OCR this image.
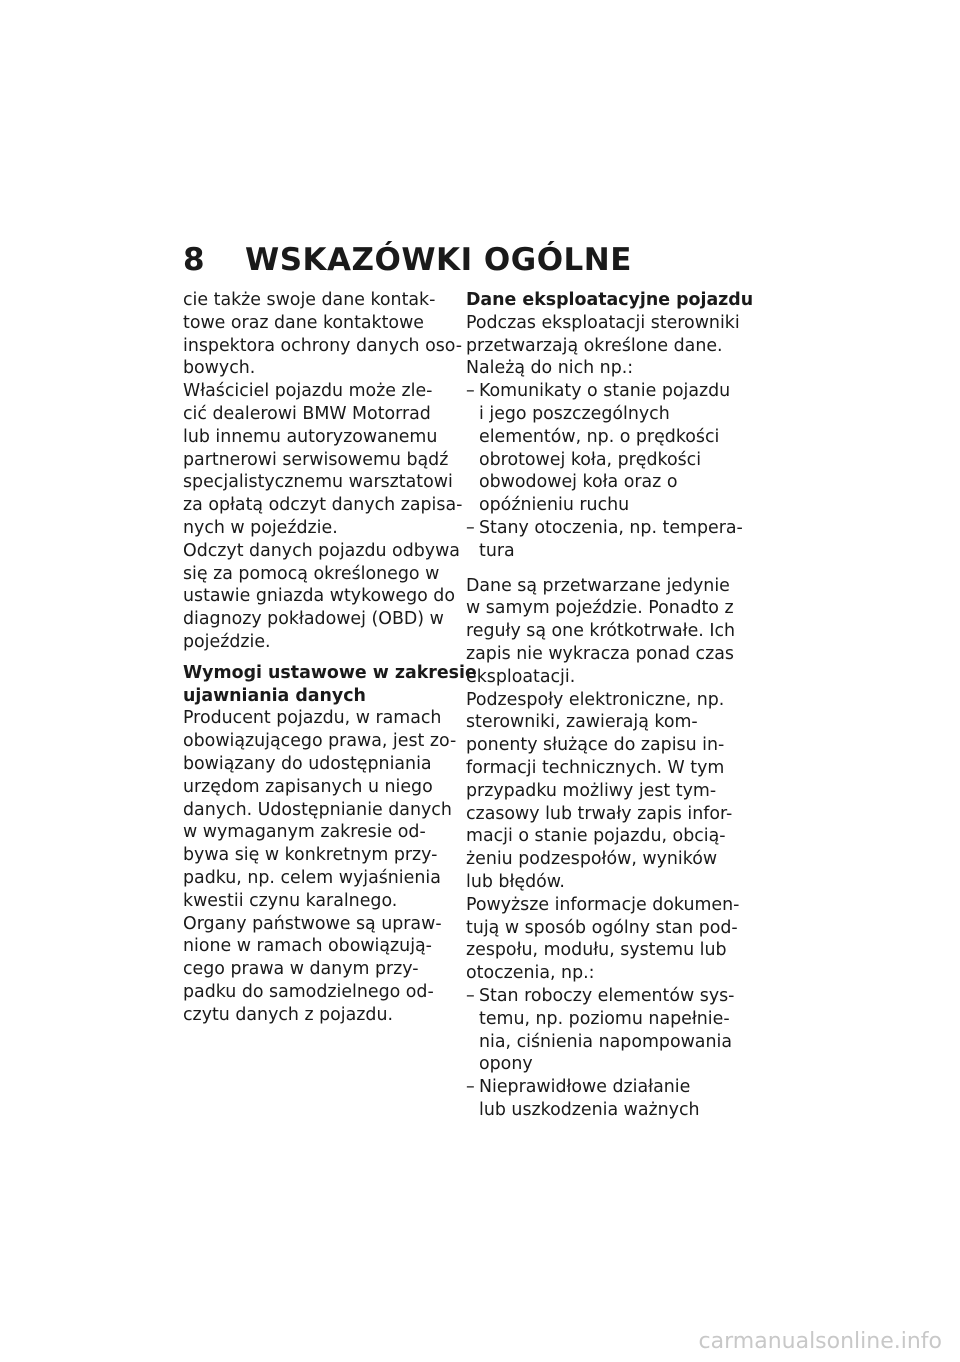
8 WSKAZÓWKI OGÓLNE
cie także swoje dane kontak-
towe oraz dane kontaktowe
inspektora ochrony danych oso-
bowych.
Właściciel pojazdu może zle-
cić dealerowi BMW Motorrad
lub innemu autoryzowanemu
partnerowi serwisowemu bądź
specjalistycznemu warsztatowi
za opłatą odczyt danych zapisa-
nych w pojeździe.
Odczyt danych pojazdu odbywa
się za pomocą określonego w
ustawie gniazda wtykowego do
diagnozy pokładowej (OBD) w
pojeździe.
Wymogi ustawowe w zakresie
ujawniania danych
Producent pojazdu, w ramach
obowiązującego prawa, jest zo-
bowiązany do udostępniania
urzędom zapisanych u niego
danych. Udostępnianie danych
w wymaganym zakresie od-
bywa się w konkretnym przy-
padku, np. celem wyjaśnienia
kwestii czynu karalnego.
Organy państwowe są upraw-
nione w ramach obowiązują-
cego prawa w danym przy-
padku do samodzielnego od-
czytu danych z pojazdu.
Dane eksploatacyjne pojazdu
Podczas eksploatacji sterowniki
przetwarzają określone dane.
Należą do nich np.:
– Komunikaty o stanie pojazdu
i jego poszczególnych
elementów, np. o prędkości
obrotowej koła, prędkości
obwodowej koła oraz o
opóźnieniu ruchu
– Stany otoczenia, np. tempera-
tura
Dane są przetwarzane jedynie
w samym pojeździe. Ponadto z
reguły są one krótkotrwałe. Ich
zapis nie wykracza ponad czas
eksploatacji.
Podzespoły elektroniczne, np.
sterowniki, zawierają kom-
ponenty służące do zapisu in-
formacji technicznych. W tym
przypadku możliwy jest tym-
czasowy lub trwały zapis infor-
macji o stanie pojazdu, obcią-
żeniu podzespołów, wyników
lub błędów.
Powyższe informacje dokumen-
tują w sposób ogólny stan pod-
zespołu, modułu, systemu lub
otoczenia, np.:
– Stan roboczy elementów sys-
temu, np. poziomu napełnie-
nia, ciśnienia napompowania
opony
– Nieprawidłowe działanie
lub uszkodzenia ważnych
carmanualsonline.info
